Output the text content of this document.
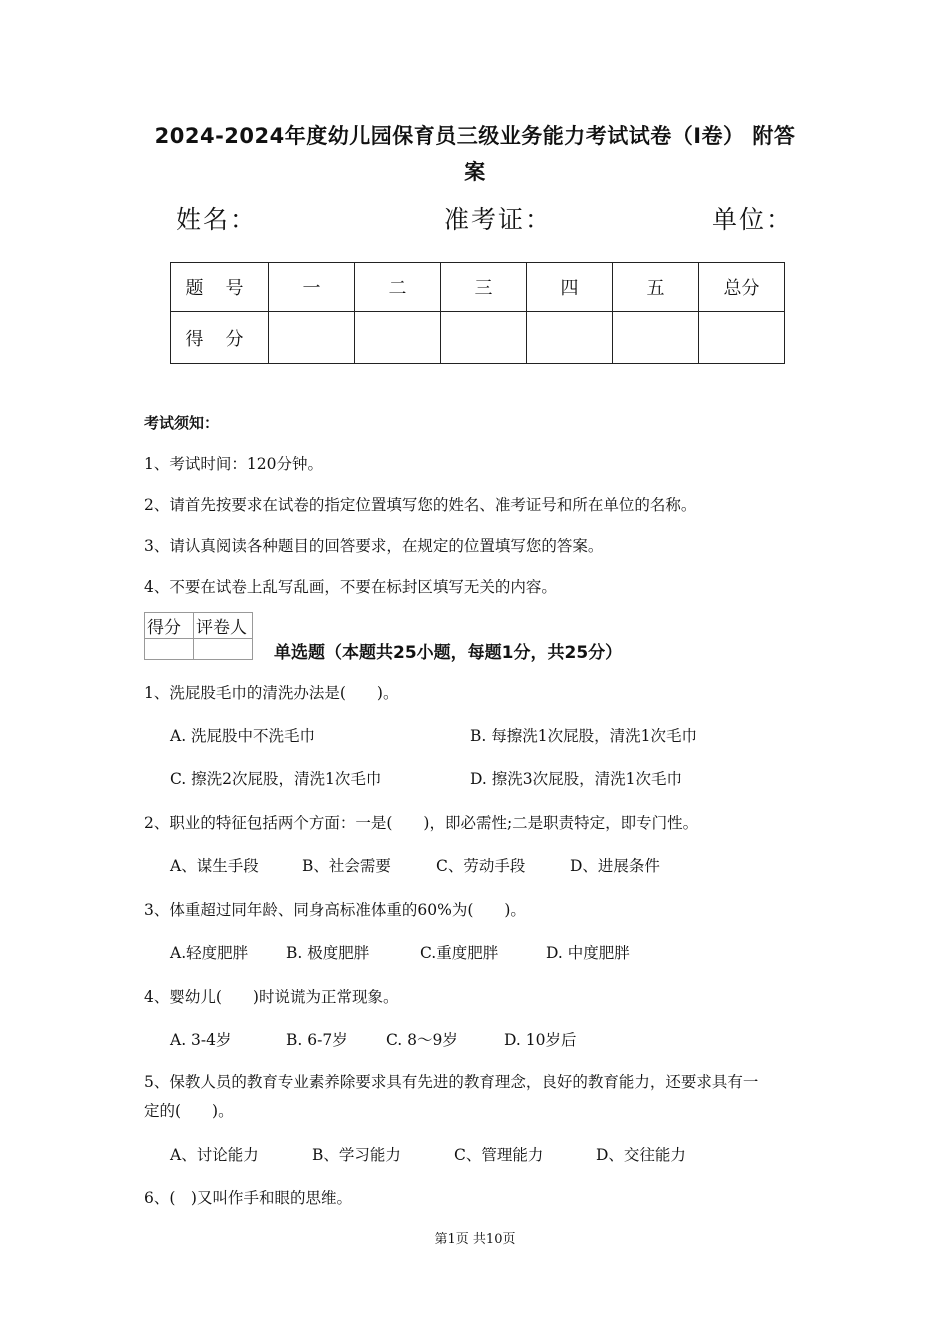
2024-2024年度幼儿园保育员三级业务能力考试试卷（I卷） 附答
案
姓名：	准考证：	单位：
题号	一	二	三	四	五	总分
得分						
考试须知：
1、考试时间：120分钟。
2、请首先按要求在试卷的指定位置填写您的姓名、准考证号和所在单位的名称。
3、请认真阅读各种题目的回答要求，在规定的位置填写您的答案。
4、不要在试卷上乱写乱画，不要在标封区填写无关的内容。
得分	评卷人

单选题（本题共25小题，每题1分，共25分）
1、洗屁股毛巾的清洗办法是(　　)。
A. 洗屁股中不洗毛巾	B. 每擦洗1次屁股，清洗1次毛巾
C. 擦洗2次屁股，清洗1次毛巾	D. 擦洗3次屁股，清洗1次毛巾
2、职业的特征包括两个方面：一是(　　)，即必需性;二是职责特定，即专门性。
A、谋生手段	B、社会需要	C、劳动手段	D、进展条件
3、体重超过同年龄、同身高标准体重的60%为(　　)。
A.轻度肥胖 B. 极度肥胖	C.重度肥胖	D. 中度肥胖
4、婴幼儿(　　)时说谎为正常现象。
A. 3-4岁	B. 6-7岁 C. 8～9岁	D. 10岁后
5、保教人员的教育专业素养除要求具有先进的教育理念，良好的教育能力，还要求具有一
定的(　　)。
A、讨论能力	B、学习能力	C、管理能力	D、交往能力
6、(　)又叫作手和眼的思维。
第1页 共10页
